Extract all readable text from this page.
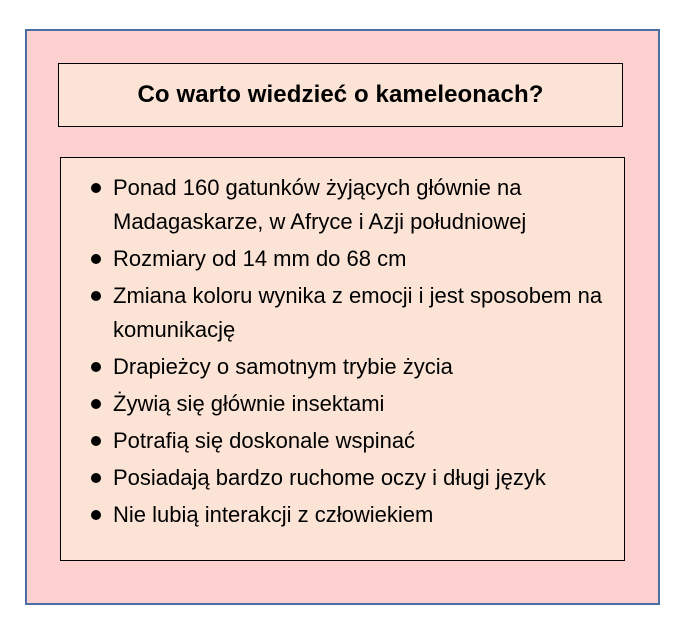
Co warto wiedzieć o kameleonach?
Ponad 160 gatunków żyjących głównie na Madagaskarze, w Afryce i Azji południowej
Rozmiary od 14 mm do 68 cm
Zmiana koloru wynika z emocji i jest sposobem na komunikację
Drapieżcy o samotnym trybie życia
Żywią się głównie insektami
Potrafią się doskonale wspinać
Posiadają bardzo ruchome oczy i długi język
Nie lubią interakcji z człowiekiem
